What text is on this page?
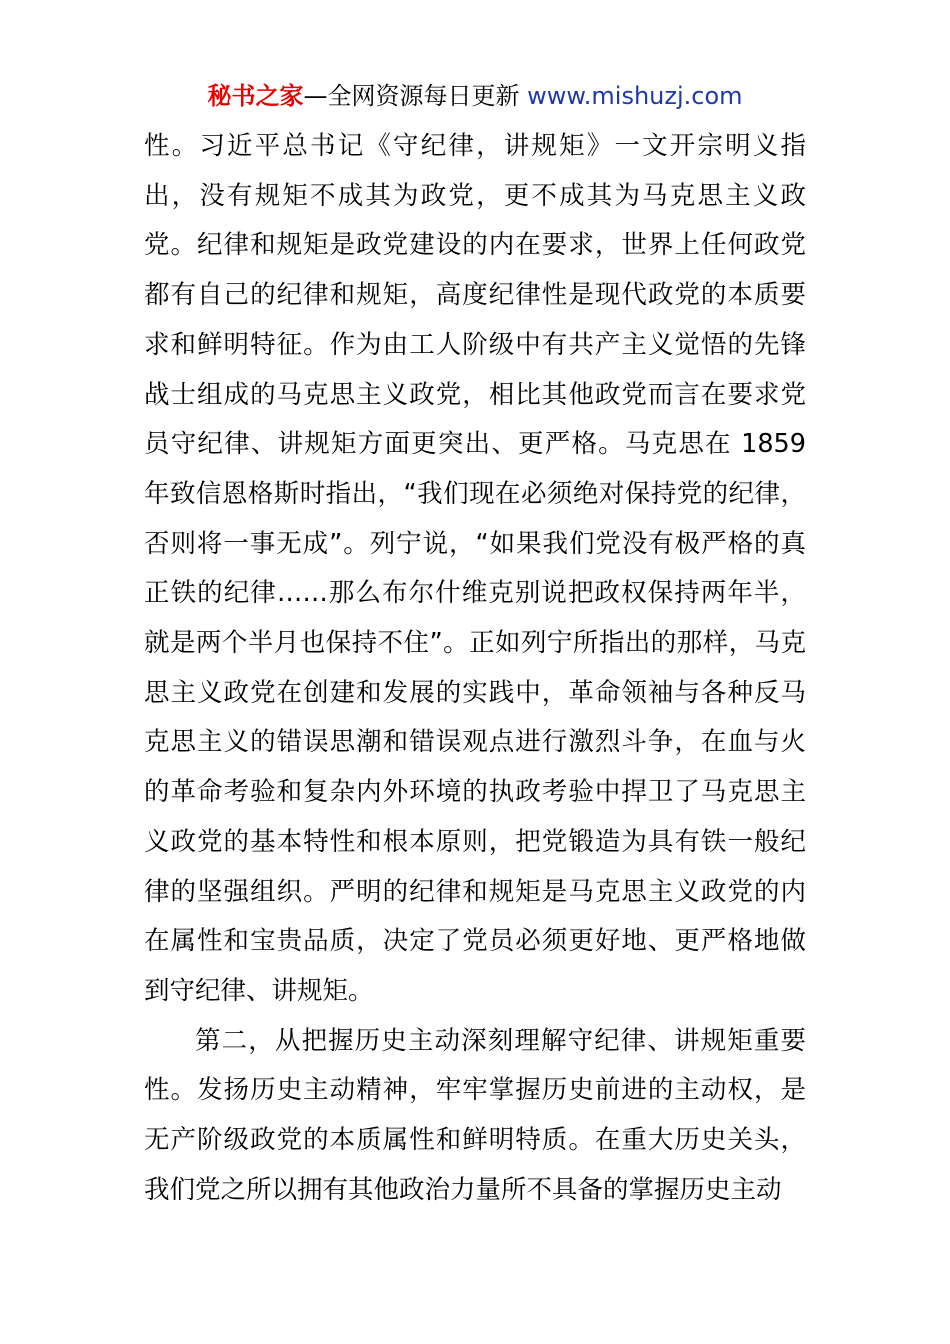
秘书之家—全网资源每日更新 www.mishuzj.com

性。习近平总书记《守纪律，讲规矩》一文开宗明义指出，没有规矩不成其为政党，更不成其为马克思主义政党。纪律和规矩是政党建设的内在要求，世界上任何政党都有自己的纪律和规矩，高度纪律性是现代政党的本质要求和鲜明特征。作为由工人阶级中有共产主义觉悟的先锋战士组成的马克思主义政党，相比其他政党而言在要求党员守纪律、讲规矩方面更突出、更严格。马克思在 1859 年致信恩格斯时指出，“我们现在必须绝对保持党的纪律，否则将一事无成”。列宁说，“如果我们党没有极严格的真正铁的纪律……那么布尔什维克别说把政权保持两年半，就是两个半月也保持不住”。正如列宁所指出的那样，马克思主义政党在创建和发展的实践中，革命领袖与各种反马克思主义的错误思潮和错误观点进行激烈斗争，在血与火的革命考验和复杂内外环境的执政考验中捍卫了马克思主义政党的基本特性和根本原则，把党锻造为具有铁一般纪律的坚强组织。严明的纪律和规矩是马克思主义政党的内在属性和宝贵品质，决定了党员必须更好地、更严格地做到守纪律、讲规矩。

第二，从把握历史主动深刻理解守纪律、讲规矩重要性。发扬历史主动精神，牢牢掌握历史前进的主动权，是无产阶级政党的本质属性和鲜明特质。在重大历史关头，我们党之所以拥有其他政治力量所不具备的掌握历史主动
